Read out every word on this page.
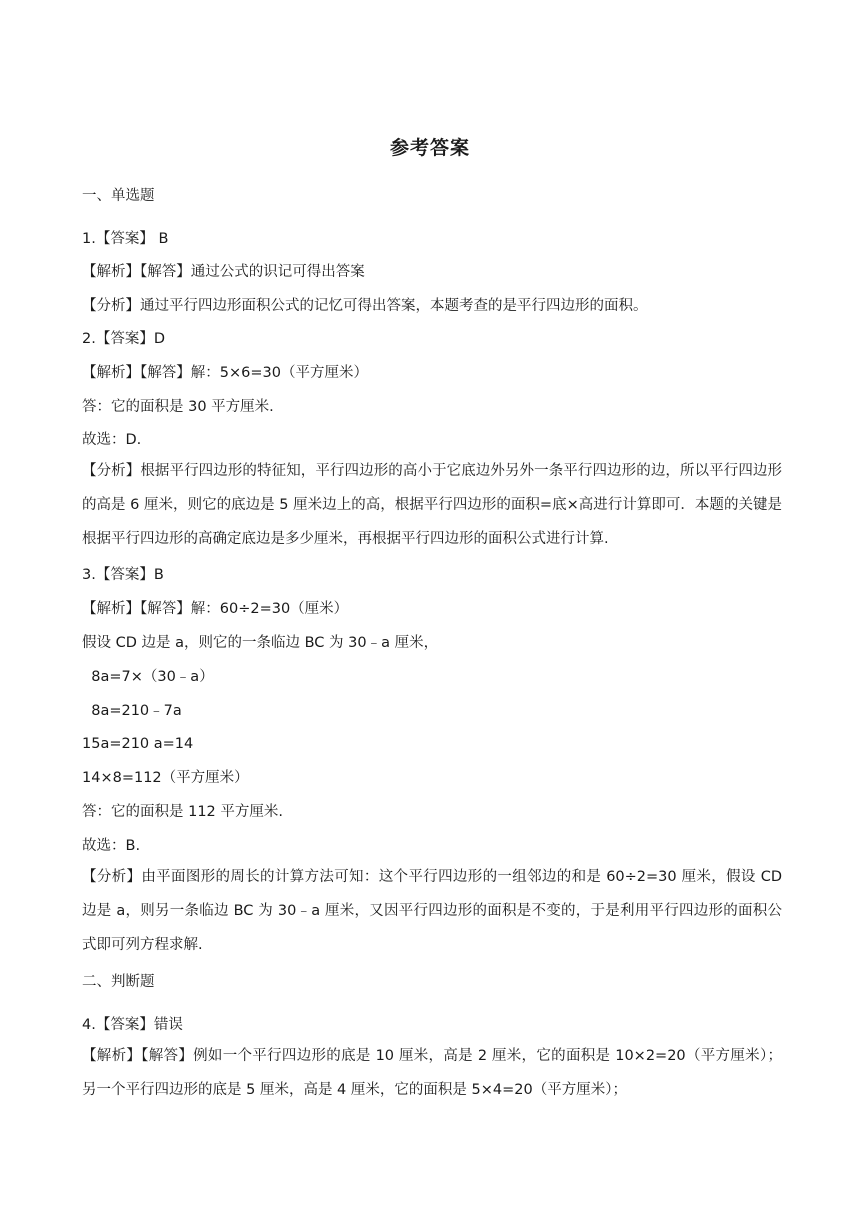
参考答案
一、单选题
1.【答案】 B
【解析】【解答】通过公式的识记可得出答案
【分析】通过平行四边形面积公式的记忆可得出答案，本题考查的是平行四边形的面积。
2.【答案】D
【解析】【解答】解：5×6=30（平方厘米）
答：它的面积是 30 平方厘米.
故选：D.
【分析】根据平行四边形的特征知，平行四边形的高小于它底边外另外一条平行四边形的边，所以平行四边形的高是 6 厘米，则它的底边是 5 厘米边上的高，根据平行四边形的面积=底×高进行计算即可．本题的关键是根据平行四边形的高确定底边是多少厘米，再根据平行四边形的面积公式进行计算.
3.【答案】B
【解析】【解答】解：60÷2=30（厘米）
假设 CD 边是 a，则它的一条临边 BC 为 30﹣a 厘米，
8a=7×（30﹣a）
8a=210﹣7a
15a=210 a=14
14×8=112（平方厘米）
答：它的面积是 112 平方厘米.
故选：B.
【分析】由平面图形的周长的计算方法可知：这个平行四边形的一组邻边的和是 60÷2=30 厘米，假设 CD 边是 a，则另一条临边 BC 为 30﹣a 厘米，又因平行四边形的面积是不变的，于是利用平行四边形的面积公式即可列方程求解.
二、判断题
4.【答案】错误
【解析】【解答】例如一个平行四边形的底是 10 厘米，高是 2 厘米，它的面积是 10×2=20（平方厘米）；另一个平行四边形的底是 5 厘米，高是 4 厘米，它的面积是 5×4=20（平方厘米）；
